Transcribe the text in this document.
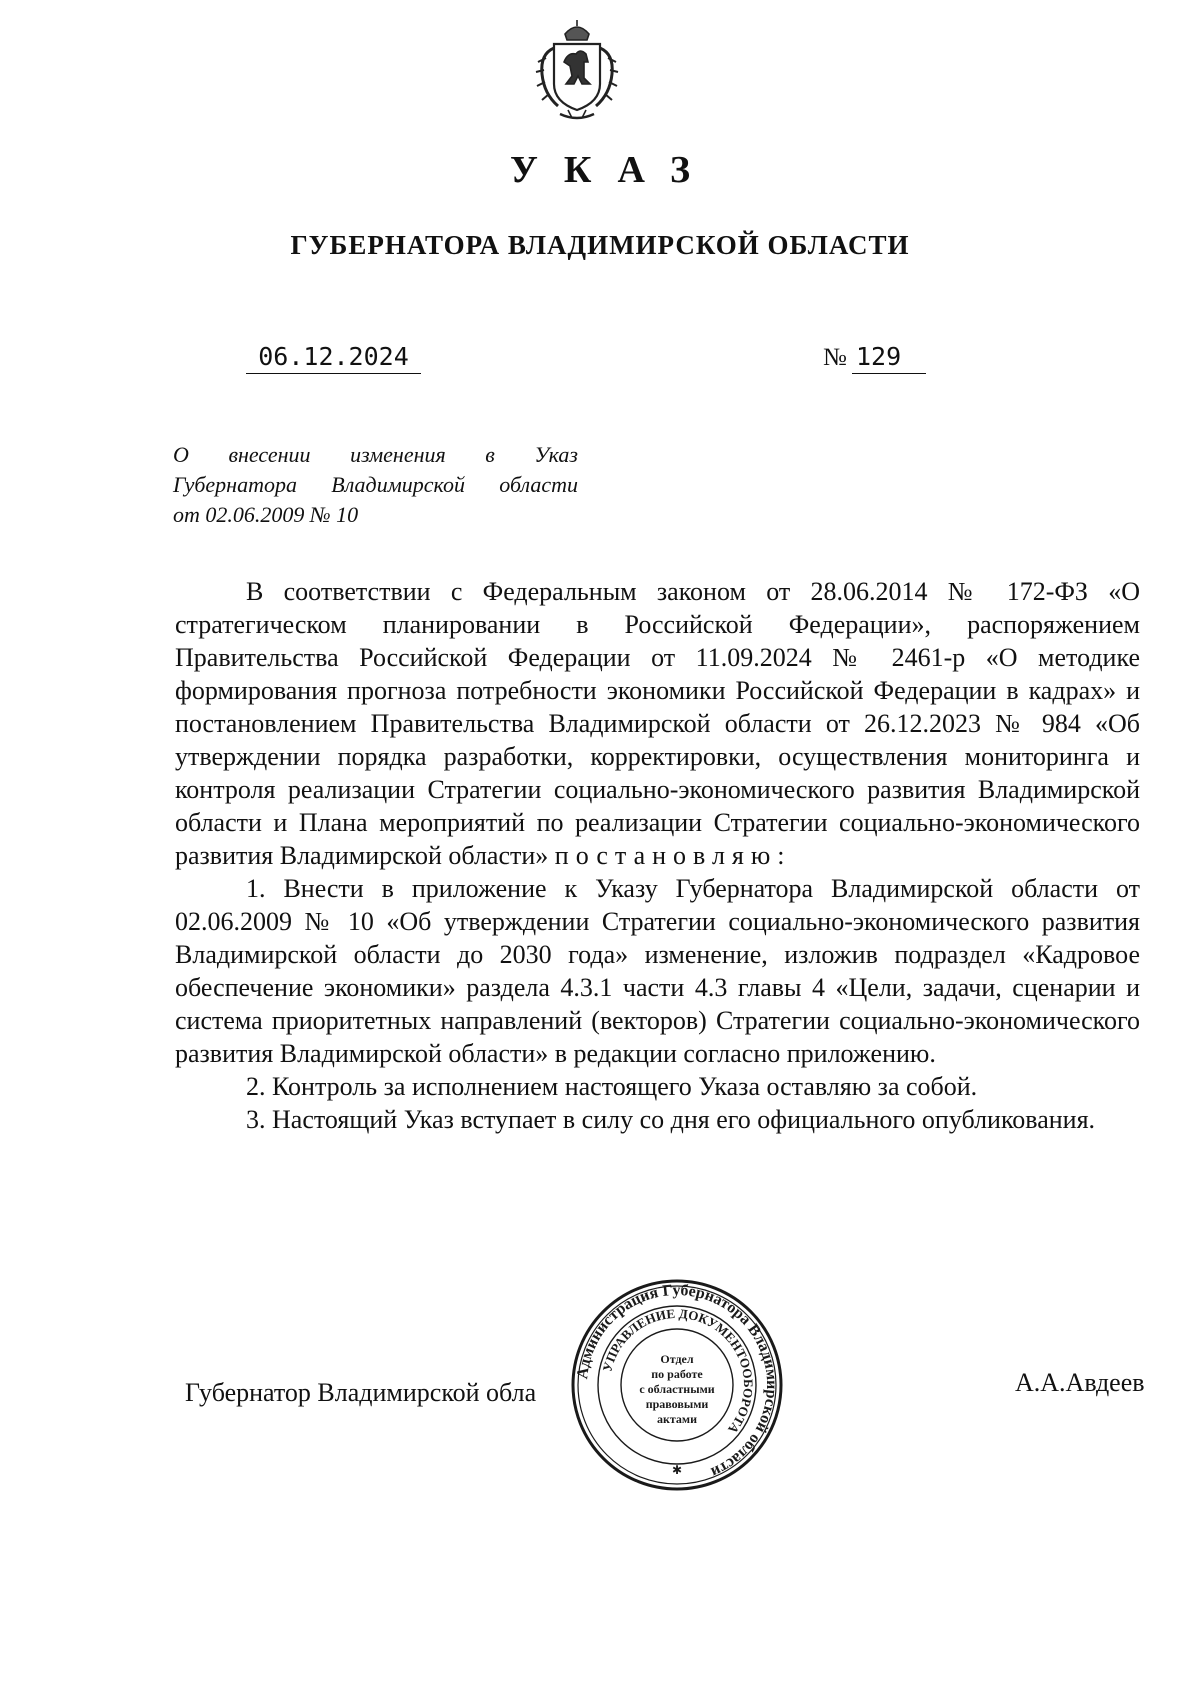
УКАЗ
ГУБЕРНАТОРА ВЛАДИМИРСКОЙ ОБЛАСТИ
06.12.2024	№ 129
О внесении изменения в Указ
Губернатора Владимирской области
от 02.06.2009 № 10

В соответствии с Федеральным законом от 28.06.2014 № 172-ФЗ «О стратегическом планировании в Российской Федерации», распоряжением Правительства Российской Федерации от 11.09.2024 № 2461-р «О методике формирования прогноза потребности экономики Российской Федерации в кадрах» и постановлением Правительства Владимирской области от 26.12.2023 № 984 «Об утверждении порядка разработки, корректировки, осуществления мониторинга и контроля реализации Стратегии социально-экономического развития Владимирской области и Плана мероприятий по реализации Стратегии социально-экономического развития Владимирской области» постановляю:

1. Внести в приложение к Указу Губернатора Владимирской области от 02.06.2009 № 10 «Об утверждении Стратегии социально-экономического развития Владимирской области до 2030 года» изменение, изложив подраздел «Кадровое обеспечение экономики» раздела 4.3.1 части 4.3 главы 4 «Цели, задачи, сценарии и система приоритетных направлений (векторов) Стратегии социально-экономического развития Владимирской области» в редакции согласно приложению.

2. Контроль за исполнением настоящего Указа оставляю за собой.

3. Настоящий Указ вступает в силу со дня его официального опубликования.

Губернатор Владимирской обла	А.А.Авдеев
Администрация Губернатора Владимирской области
УПРАВЛЕНИЕ ДОКУМЕНТООБОРОТА
Отдел
по работе
с областными
правовыми
актами
✱
